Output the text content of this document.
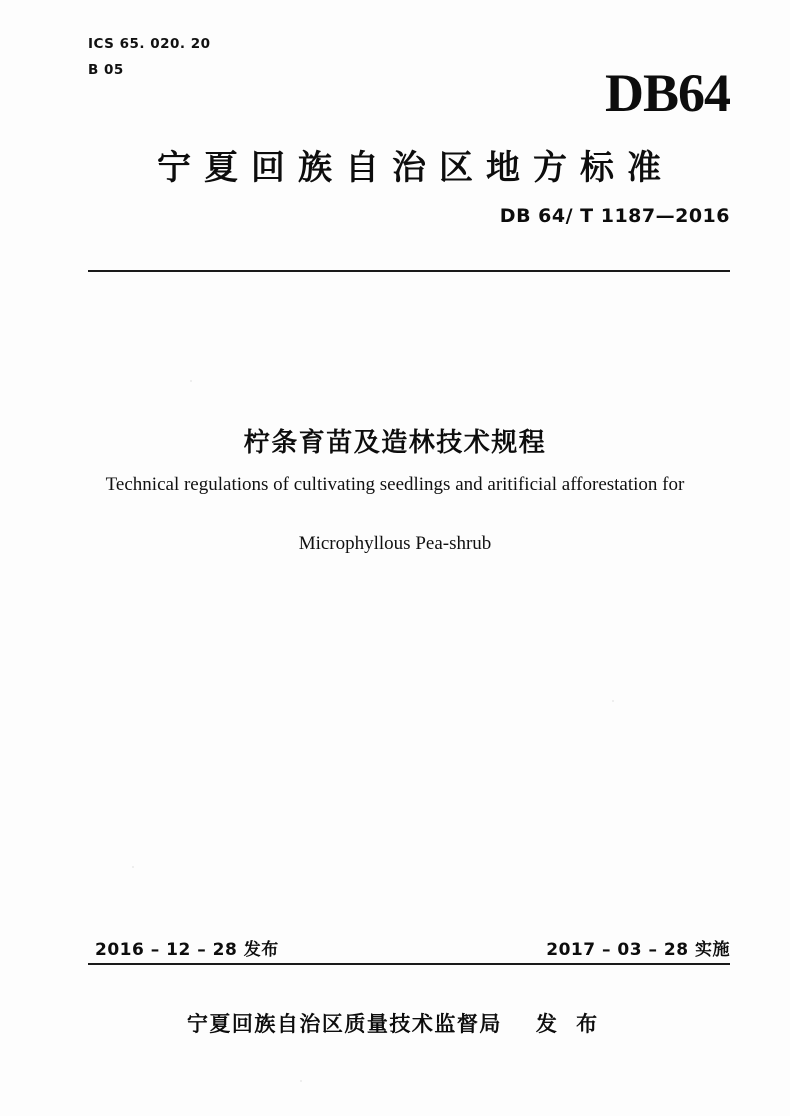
ICS 65. 020. 20
B 05	DB64
宁夏回族自治区地方标准
DB 64/ T 1187—2016
柠条育苗及造林技术规程
Technical regulations of cultivating seedlings and aritificial afforestation for
Microphyllous Pea-shrub
2016 – 12 – 28 发布	2017 – 03 – 28 实施
宁夏回族自治区质量技术监督局 发 布
